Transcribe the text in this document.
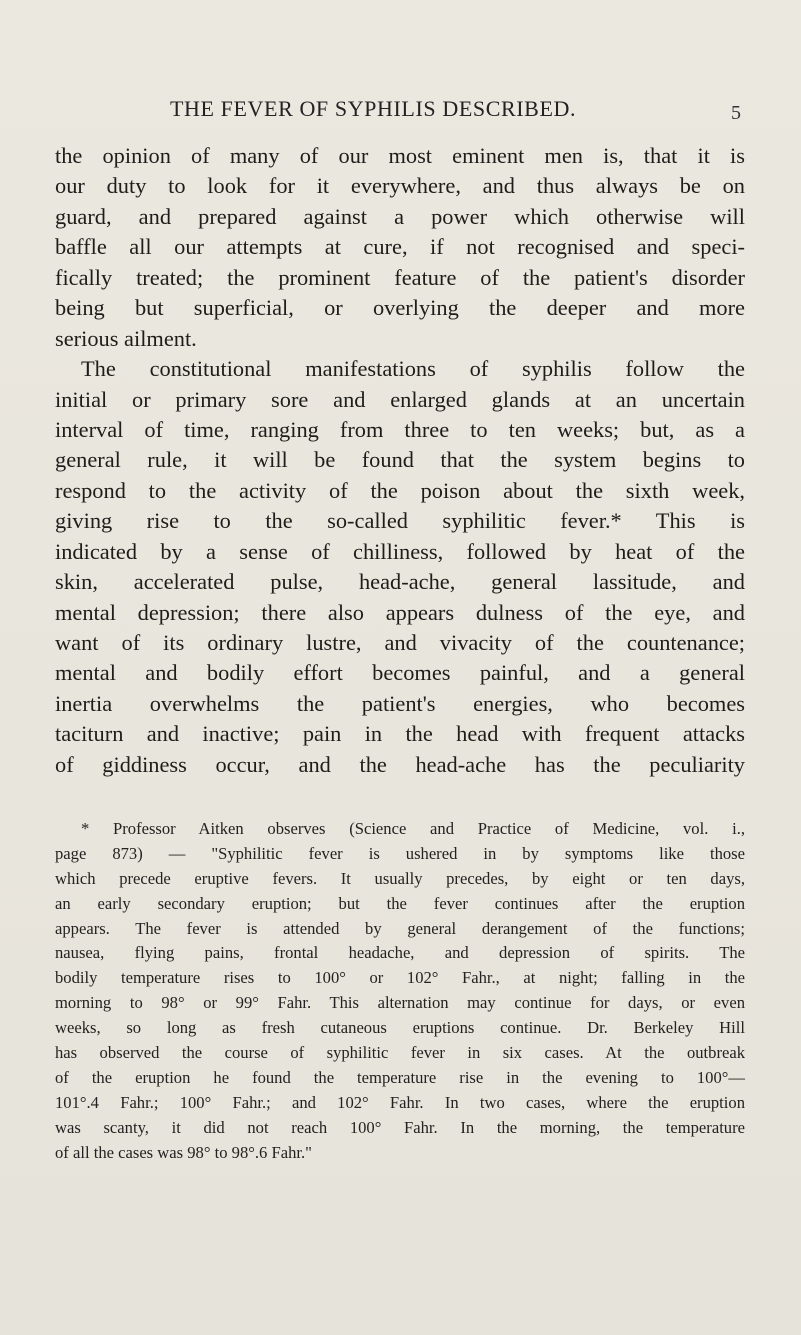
THE FEVER OF SYPHILIS DESCRIBED.	5
the opinion of many of our most eminent men is, that it is
our duty to look for it everywhere, and thus always be on
guard, and prepared against a power which otherwise will
baffle all our attempts at cure, if not recognised and speci-
fically treated; the prominent feature of the patient's disorder
being but superficial, or overlying the deeper and more
serious ailment.
The constitutional manifestations of syphilis follow the
initial or primary sore and enlarged glands at an uncertain
interval of time, ranging from three to ten weeks; but, as a
general rule, it will be found that the system begins to
respond to the activity of the poison about the sixth week,
giving rise to the so-called syphilitic fever.* This is
indicated by a sense of chilliness, followed by heat of the
skin, accelerated pulse, head-ache, general lassitude, and
mental depression; there also appears dulness of the eye, and
want of its ordinary lustre, and vivacity of the countenance;
mental and bodily effort becomes painful, and a general
inertia overwhelms the patient's energies, who becomes
taciturn and inactive; pain in the head with frequent attacks
of giddiness occur, and the head-ache has the peculiarity
* Professor Aitken observes (Science and Practice of Medicine, vol. i.,
page 873) — "Syphilitic fever is ushered in by symptoms like those
which precede eruptive fevers. It usually precedes, by eight or ten days,
an early secondary eruption; but the fever continues after the eruption
appears. The fever is attended by general derangement of the functions;
nausea, flying pains, frontal headache, and depression of spirits. The
bodily temperature rises to 100° or 102° Fahr., at night; falling in the
morning to 98° or 99° Fahr. This alternation may continue for days, or even
weeks, so long as fresh cutaneous eruptions continue. Dr. Berkeley Hill
has observed the course of syphilitic fever in six cases. At the outbreak
of the eruption he found the temperature rise in the evening to 100°—
101°.4 Fahr.; 100° Fahr.; and 102° Fahr. In two cases, where the eruption
was scanty, it did not reach 100° Fahr. In the morning, the temperature
of all the cases was 98° to 98°.6 Fahr."
